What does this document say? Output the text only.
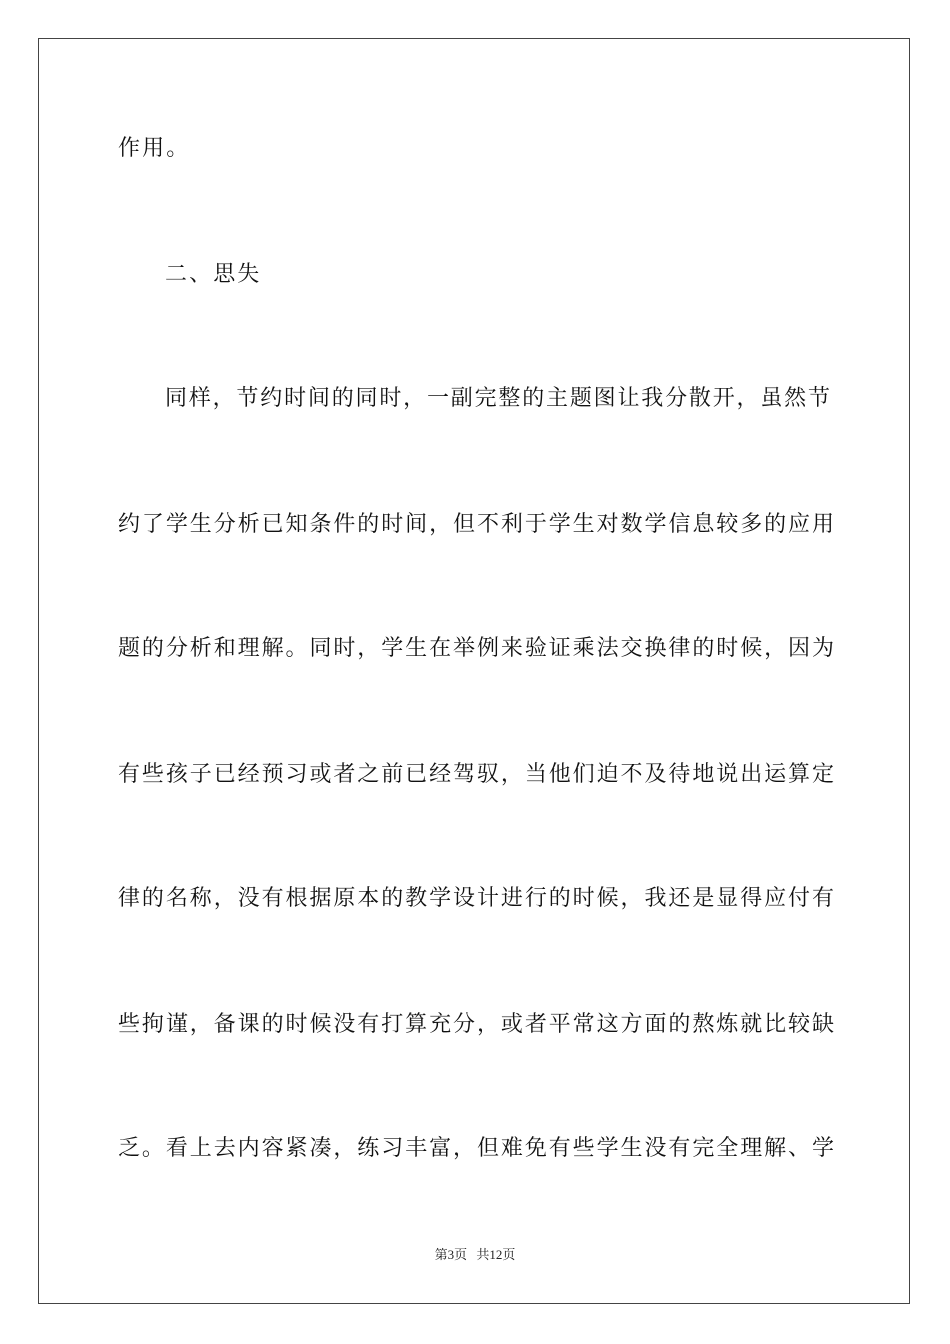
作用。
二、思失
同样，节约时间的同时，一副完整的主题图让我分散开，虽然节
约了学生分析已知条件的时间，但不利于学生对数学信息较多的应用
题的分析和理解。同时，学生在举例来验证乘法交换律的时候，因为
有些孩子已经预习或者之前已经驾驭，当他们迫不及待地说出运算定
律的名称，没有根据原本的教学设计进行的时候，我还是显得应付有
些拘谨，备课的时候没有打算充分，或者平常这方面的熬炼就比较缺
乏。看上去内容紧凑，练习丰富，但难免有些学生没有完全理解、学
第3页 共12页
